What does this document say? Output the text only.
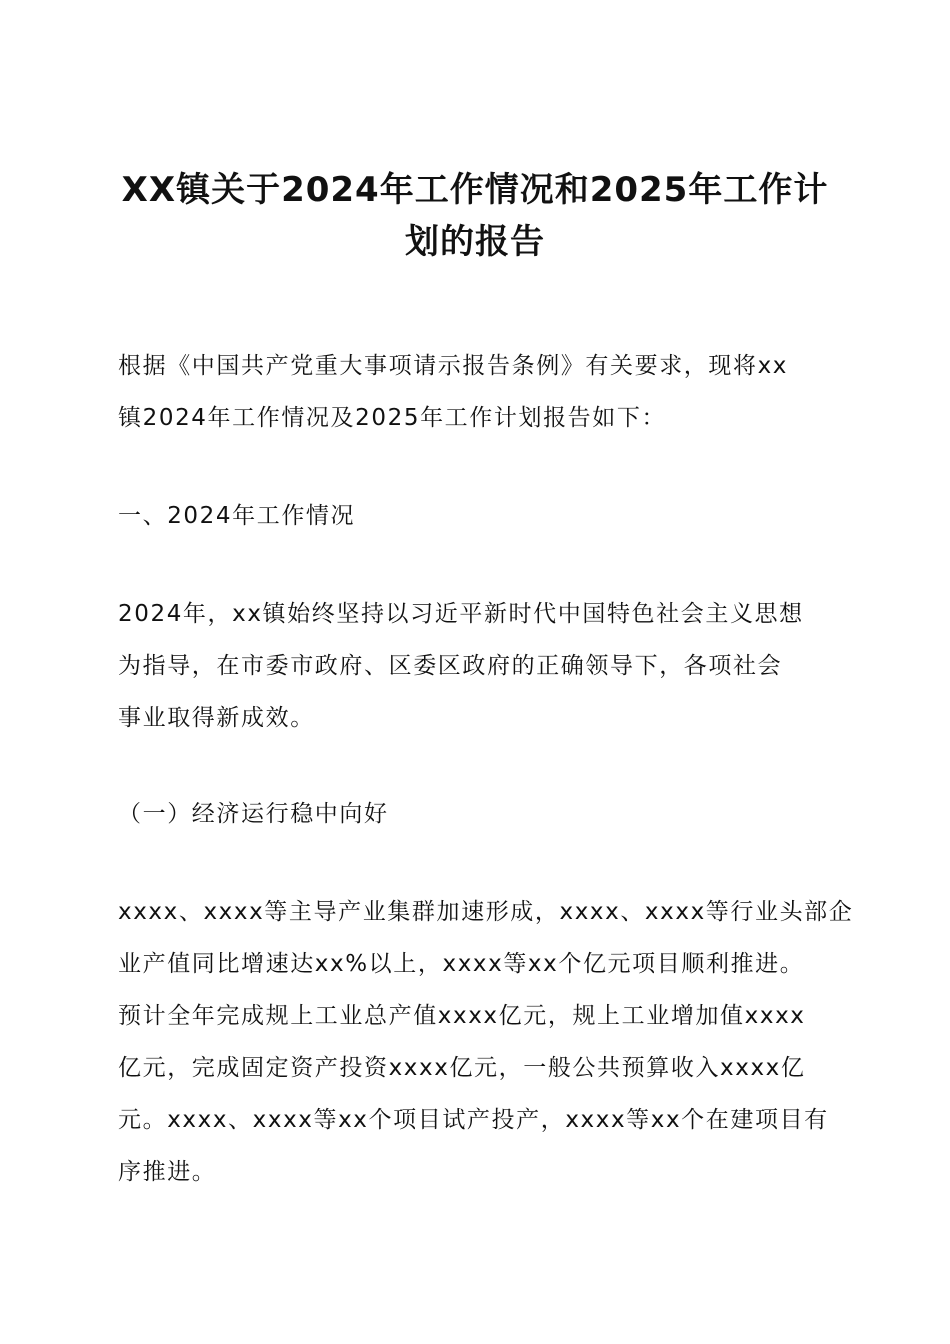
XX镇关于2024年工作情况和2025年工作计
划的报告

根据《中国共产党重大事项请示报告条例》有关要求，现将xx
镇2024年工作情况及2025年工作计划报告如下：

一、2024年工作情况

2024年，xx镇始终坚持以习近平新时代中国特色社会主义思想
为指导，在市委市政府、区委区政府的正确领导下，各项社会
事业取得新成效。

（一）经济运行稳中向好

xxxx、xxxx等主导产业集群加速形成，xxxx、xxxx等行业头部企
业产值同比增速达xx%以上，xxxx等xx个亿元项目顺利推进。
预计全年完成规上工业总产值xxxx亿元，规上工业增加值xxxx
亿元，完成固定资产投资xxxx亿元，一般公共预算收入xxxx亿
元。xxxx、xxxx等xx个项目试产投产，xxxx等xx个在建项目有
序推进。
